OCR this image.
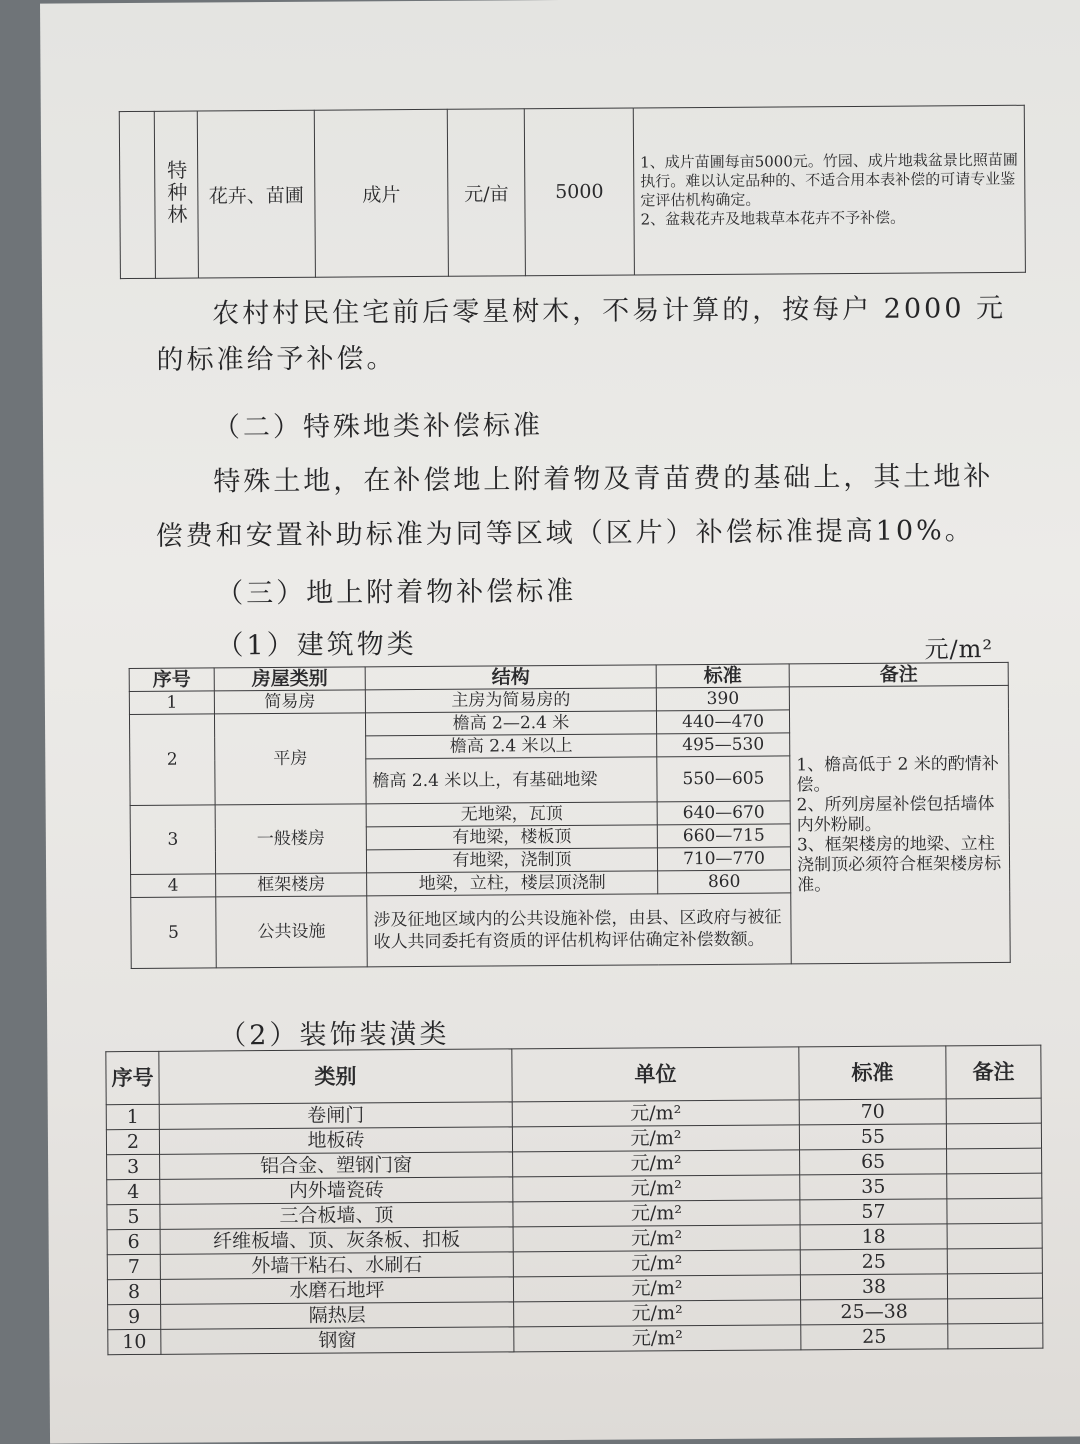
	特种林	花卉、苗圃	成片	元/亩	5000	
1、成片苗圃每亩5000元。竹园、成片地栽盆景比照苗圃执行。难以认定品种的、不适合用本表补偿的可请专业鉴定评估机构确定。
2、盆栽花卉及地栽草本花卉不予补偿。
农村村民住宅前后零星树木，不易计算的，按每户 2000 元
的标准给予补偿。
（二）特殊地类补偿标准
特殊土地，在补偿地上附着物及青苗费的基础上，其土地补
偿费和安置补助标准为同等区域（区片）补偿标准提高10%。
（三）地上附着物补偿标准
（1）建筑物类	元/m²
序号	房屋类别	结构	标准	备注
1	简易房	主房为简易房的	390	1、檐高低于 2 米的酌情补偿。
2、所列房屋补偿包括墙体内外粉刷。
3、框架楼房的地梁、立柱浇制顶必须符合框架楼房标准。

2	平房	檐高 2—2.4 米	440—470	
		檐高 2.4 米以上	495—530	
		檐高 2.4 米以上，有基础地梁	550—605	
3	一般楼房	无地梁，瓦顶	640—670	
		有地梁，楼板顶	660—715	
		有地梁，浇制顶	710—770	
4	框架楼房	地梁，立柱，楼层顶浇制	860	
5	公共设施	涉及征地区域内的公共设施补偿，由县、区政府与被征收人共同委托有资质的评估机构评估确定补偿数额。		
（2）装饰装潢类
序号	类别	单位	标准	备注
1	卷闸门	元/m²	70	
2	地板砖	元/m²	55	
3	铝合金、塑钢门窗	元/m²	65	
4	内外墙瓷砖	元/m²	35	
5	三合板墙、顶	元/m²	57	
6	纤维板墙、顶、灰条板、扣板	元/m²	18	
7	外墙干粘石、水刷石	元/m²	25	
8	水磨石地坪	元/m²	38	
9	隔热层	元/m²	25—38	
10	钢窗	元/m²	25	
